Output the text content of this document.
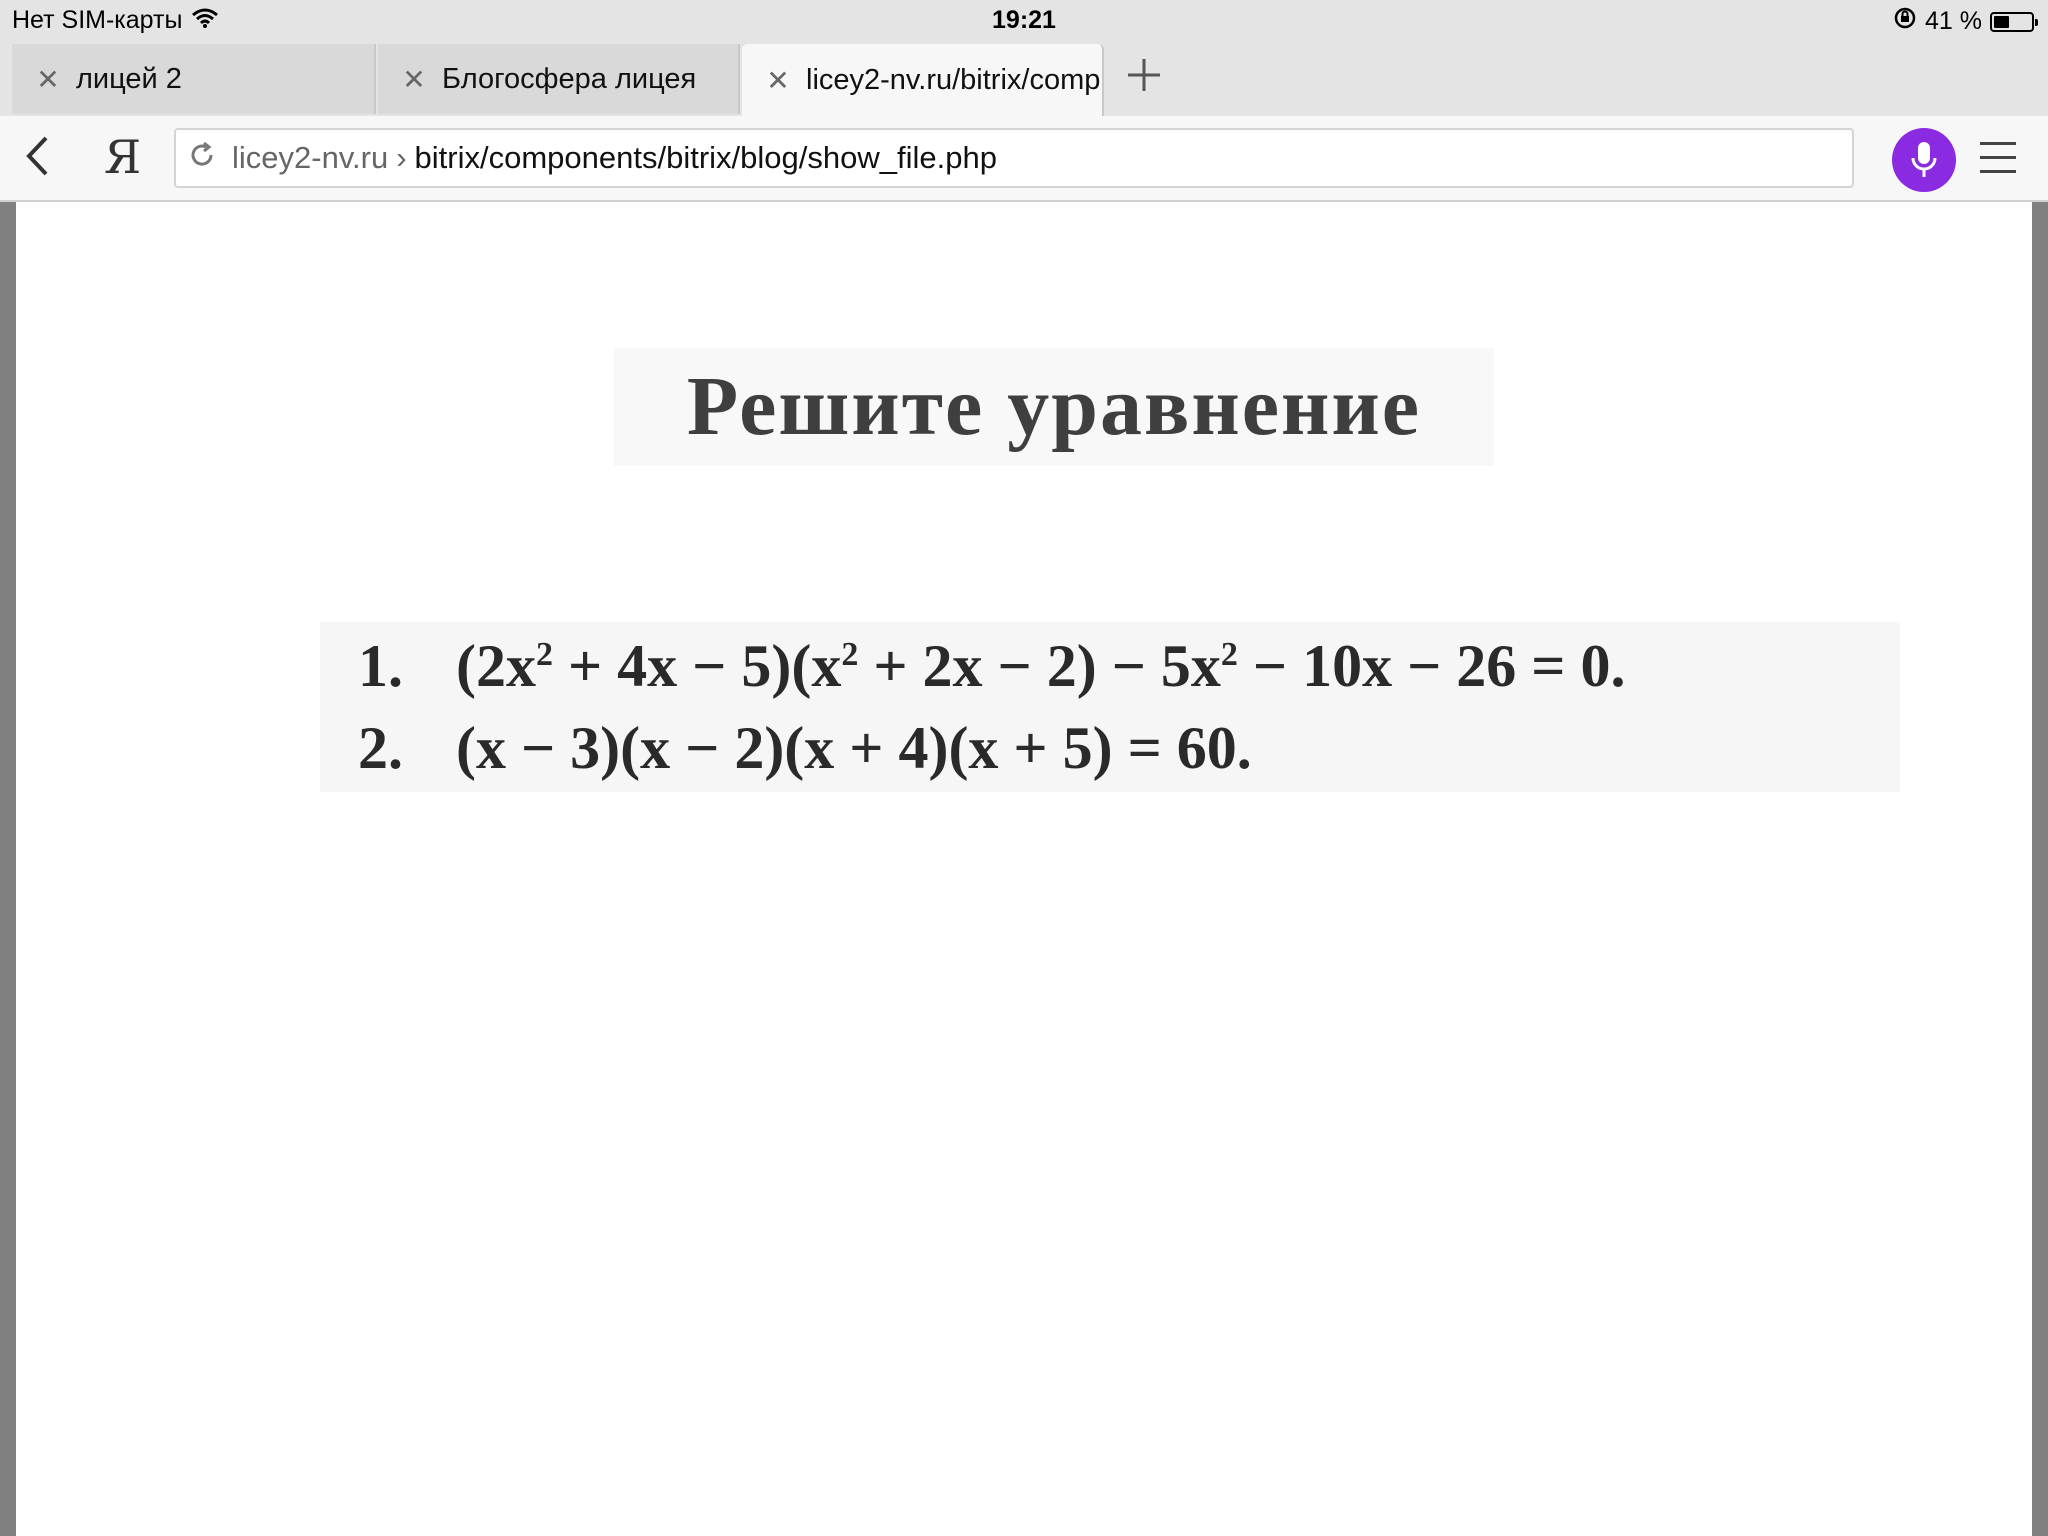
Нет SIM-карты	19:21	41 %
✕ лицей 2	✕ Блогосфера лицея	✕ licey2-nv.ru/bitrix/comp
Я	licey2-nv.ru › bitrix/components/bitrix/blog/show_file.php
Решите уравнение
1. $(2x^2 + 4x - 5)(x^2 + 2x - 2) - 5x^2 - 10x - 26 = 0$.
2. (x − 3)(x − 2)(x + 4)(x + 5) = 60.
